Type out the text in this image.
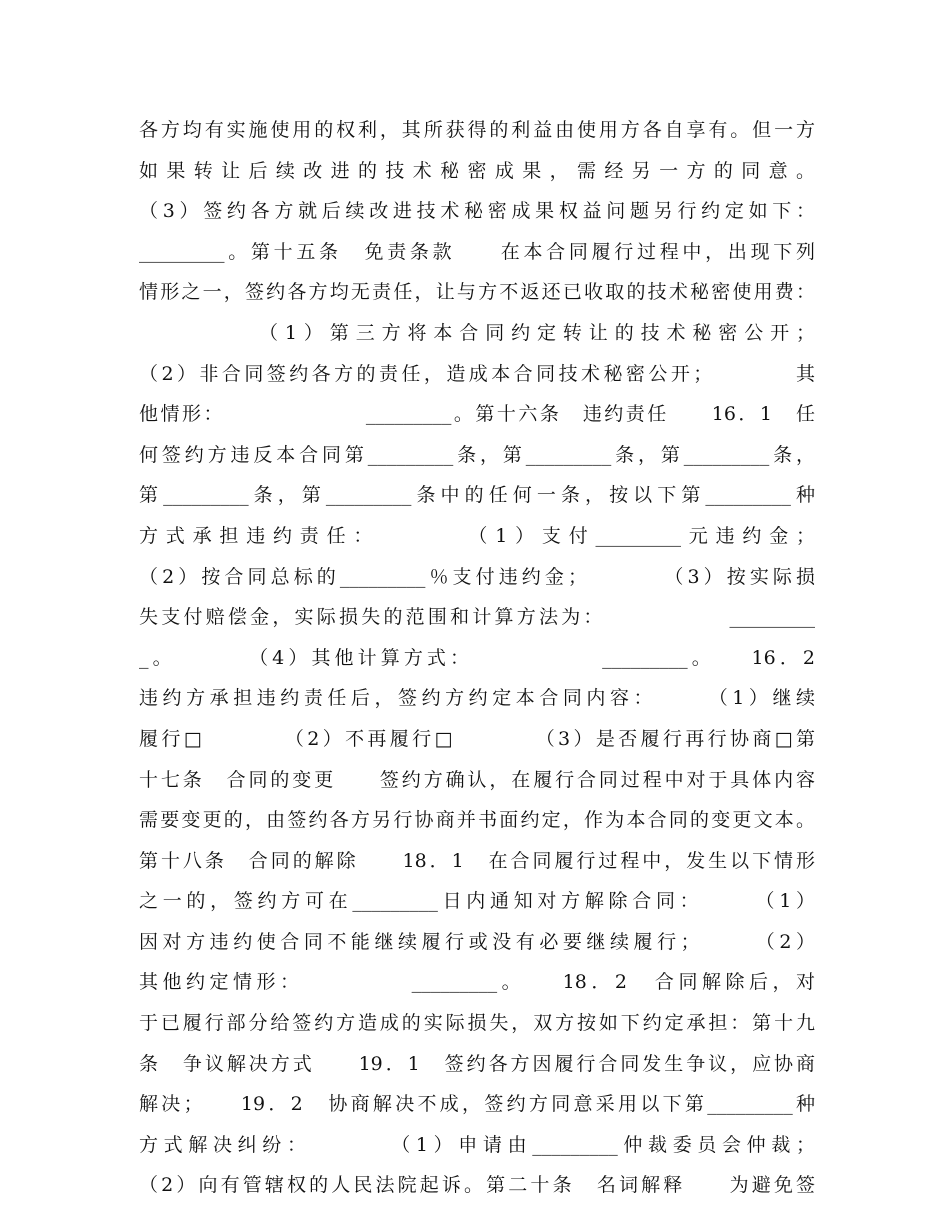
各方均有实施使用的权利，其所获得的利益由使用方各自享有。但一方
如果转让后续改进的技术秘密成果，需经另一方的同意。
（3）签约各方就后续改进技术秘密成果权益问题另行约定如下：
_________。第十五条　免责条款　　在本合同履行过程中，出现下列
情形之一，签约各方均无责任，让与方不返还已收取的技术秘密使用费：
　　　　　（1）第三方将本合同约定转让的技术秘密公开；
（2）非合同签约各方的责任，造成本合同技术秘密公开；　　　　其
他情形：　　　　　　　_________。第十六条　违约责任　　16．1　任
何签约方违反本合同第_________条，第_________条，第_________条，
第_________条，第_________条中的任何一条，按以下第_________种
方式承担违约责任：　　　　（1）支付_________元违约金；
（2）按合同总标的_________％支付违约金；　　　　（3）按实际损
失支付赔偿金，实际损失的范围和计算方法为：　　　　　　_________
_。　　　　（4）其他计算方式：　　　　　　_________。　　16．2
违约方承担违约责任后，签约方约定本合同内容：　　　（1）继续
履行□　　　　（2）不再履行□　　　　（3）是否履行再行协商□第
十七条　合同的变更　　签约方确认，在履行合同过程中对于具体内容
需要变更的，由签约各方另行协商并书面约定，作为本合同的变更文本。
第十八条　合同的解除　　18．1　在合同履行过程中，发生以下情形
之一的，签约方可在_________日内通知对方解除合同：　　　（1）
因对方违约使合同不能继续履行或没有必要继续履行；　　　（2）
其他约定情形：　　　　　_________。　　18．2　合同解除后，对
于已履行部分给签约方造成的实际损失，双方按如下约定承担：第十九
条　争议解决方式　　19．1　签约各方因履行合同发生争议，应协商
解决；　　19．2　协商解决不成，签约方同意采用以下第_________种
方式解决纠纷：　　　　（1）申请由_________仲裁委员会仲裁；
（2）向有管辖权的人民法院起诉。第二十条　名词解释　　为避免签
